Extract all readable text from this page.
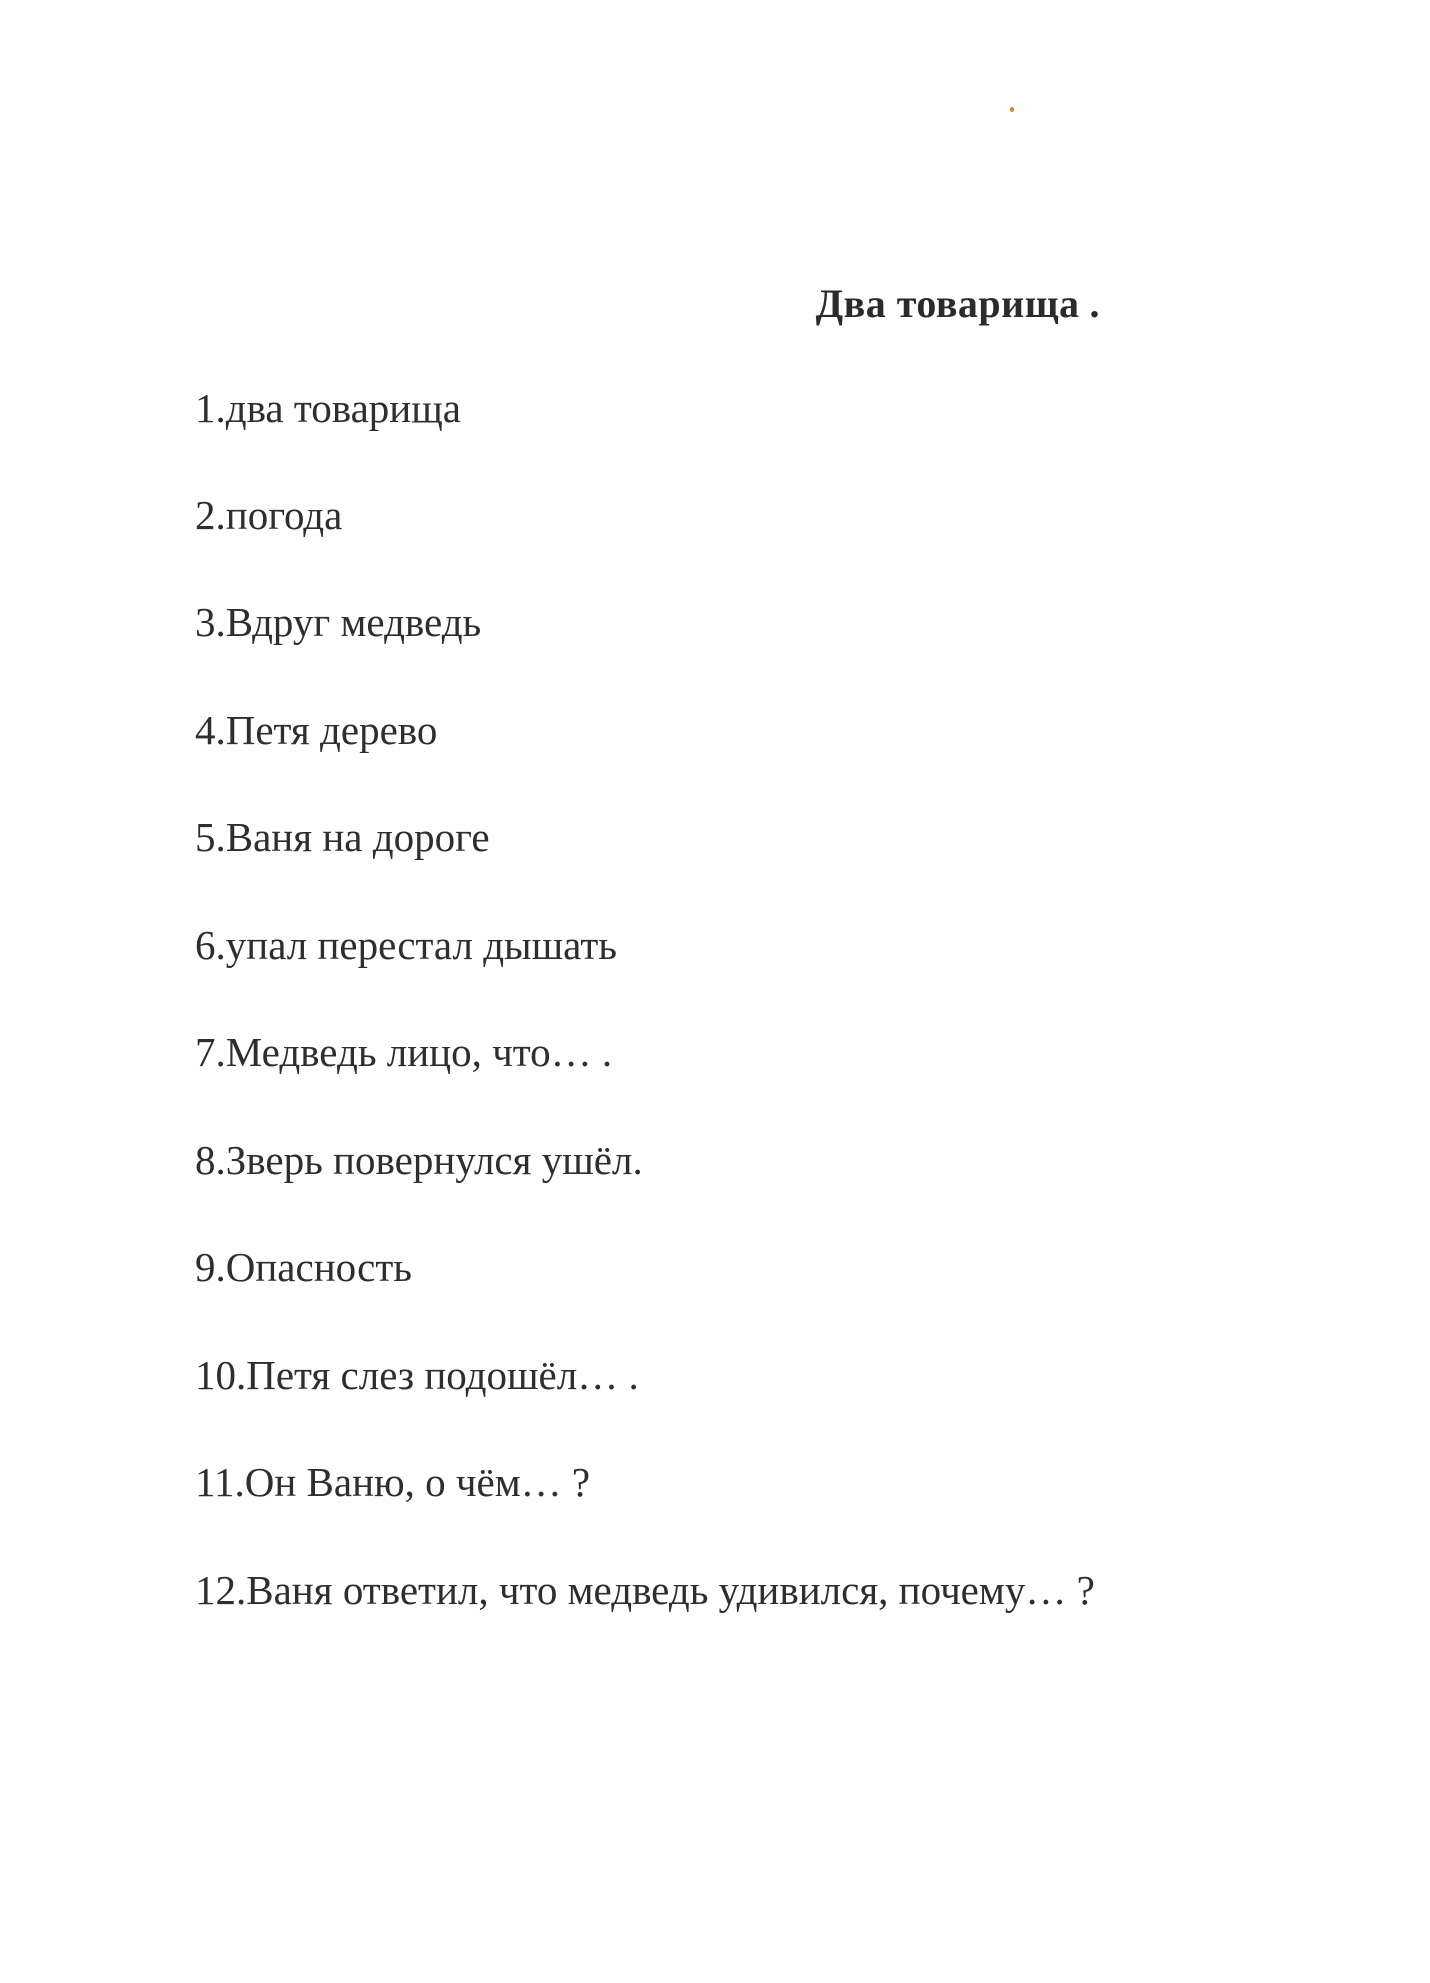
Два товарища .
1.два товарища
2.погода
3.Вдруг медведь
4.Петя дерево
5.Ваня на дороге
6.упал перестал дышать
7.Медведь лицо, что… .
8.Зверь повернулся ушёл.
9.Опасность
10.Петя слез подошёл… .
11.Он Ваню, о чём… ?
12.Ваня ответил, что медведь удивился, почему… ?
